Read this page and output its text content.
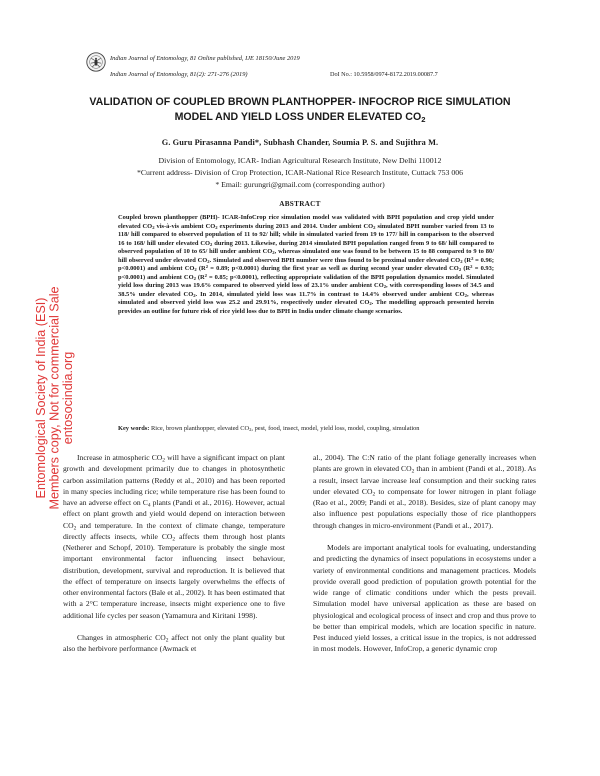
Indian Journal of Entomology, 81 Online published, IJE 18150/June 2019
Indian Journal of Entomology, 81(2): 271-276 (2019)	DoI No.: 10.5958/0974-8172.2019.00087.7
VALIDATION OF COUPLED BROWN PLANTHOPPER- INFOCROP RICE SIMULATION
MODEL AND YIELD LOSS UNDER ELEVATED $CO_2$
G. Guru Pirasanna Pandi*, Subhash Chander, Soumia P. S. and Sujithra M.
Division of Entomology, ICAR- Indian Agricultural Research Institute, New Delhi 110012
*Current address- Division of Crop Protection, ICAR-National Rice Research Institute, Cuttack 753 006
* Email: gurungri@gmail.com (corresponding author)
ABSTRACT
Coupled brown planthopper (BPH)- ICAR-InfoCrop rice simulation model was validated with BPH population and crop yield under elevated $CO_2$ vis-à-vis ambient $CO_2$ experiments during 2013 and 2014. Under ambient $CO_2$ simulated BPH number varied from 13 to 118/ hill compared to observed population of 11 to 92/ hill; while in simulated varied from 19 to 177/ hill in comparison to the observed 16 to 168/ hill under elevated $CO_2$ during 2013. Likewise, during 2014 simulated BPH population ranged from 9 to 68/ hill compared to observed population of 10 to 65/ hill under ambient $CO_2$, whereas simulated one was found to be between 15 to 88 compared to 9 to 80/ hill observed under elevated $CO_2$. Simulated and observed BPH number were thus found to be proximal under elevated $CO_2$ ($R^2 = 0.96$; p<0.0001) and ambient $CO_2$ ($R^2 = 0.89$; p<0.0001) during the first year as well as during second year under elevated $CO_2$ ($R^2 = 0.93$; p<0.0001) and ambient $CO_2$ ($R^2 = 0.85$; p<0.0001), reflecting appropriate validation of the BPH population dynamics model. Simulated yield loss during 2013 was 19.6% compared to observed yield loss of 23.1% under ambient $CO_2$, with corresponding losses of 34.5 and 38.5% under elevated $CO_2$. In 2014, simulated yield loss was 11.7% in contrast to 14.4% observed under ambient $CO_2$, whereas simulated and observed yield loss was 25.2 and 29.91%, respectively under elevated $CO_2$. The modelling approach presented herein provides an outline for future risk of rice yield loss due to BPH in India under climate change scenarios.
Key words: Rice, brown planthopper, elevated $CO_2$, pest, food, insect, model, yield loss, model, coupling, simulation

Increase in atmospheric $CO_2$ will have a significant impact on plant growth and development primarily due to changes in photosynthetic carbon assimilation patterns (Reddy et al., 2010) and has been reported in many species including rice; while temperature rise has been found to have an adverse effect on $C_4$ plants (Pandi et al., 2016). However, actual effect on plant growth and yield would depend on interaction between $CO_2$ and temperature. In the context of climate change, temperature directly affects insects, while $CO_2$ affects them through host plants (Netherer and Schopf, 2010). Temperature is probably the single most important environmental factor influencing insect behaviour, distribution, development, survival and reproduction. It is believed that the effect of temperature on insects largely overwhelms the effects of other environmental factors (Bale et al., 2002). It has been estimated that with a 2°C temperature increase, insects might experience one to five additional life cycles per season (Yamamura and Kiritani 1998).

Changes in atmospheric $CO_2$ affect not only the plant quality but also the herbivore performance (Awmack et

al., 2004). The C:N ratio of the plant foliage generally increases when plants are grown in elevated $CO_2$ than in ambient (Pandi et al., 2018). As a result, insect larvae increase leaf consumption and their sucking rates under elevated $CO_2$ to compensate for lower nitrogen in plant foliage (Rao et al., 2009; Pandi et al., 2018). Besides, size of plant canopy may also influence pest populations especially those of rice planthoppers through changes in micro-environment (Pandi et al., 2017).

Models are important analytical tools for evaluating, understanding and predicting the dynamics of insect populations in ecosystems under a variety of environmental conditions and management practices. Models provide overall good prediction of population growth potential for the wide range of climatic conditions under which the pests prevail. Simulation model have universal application as these are based on physiological and ecological process of insect and crop and thus prove to be better than empirical models, which are location specific in nature. Pest induced yield losses, a critical issue in the tropics, is not addressed in most models. However, InfoCrop, a generic dynamic crop

Entomological Society of India (ESI) Members copy, Not for commercial Sale entosocindia.org
